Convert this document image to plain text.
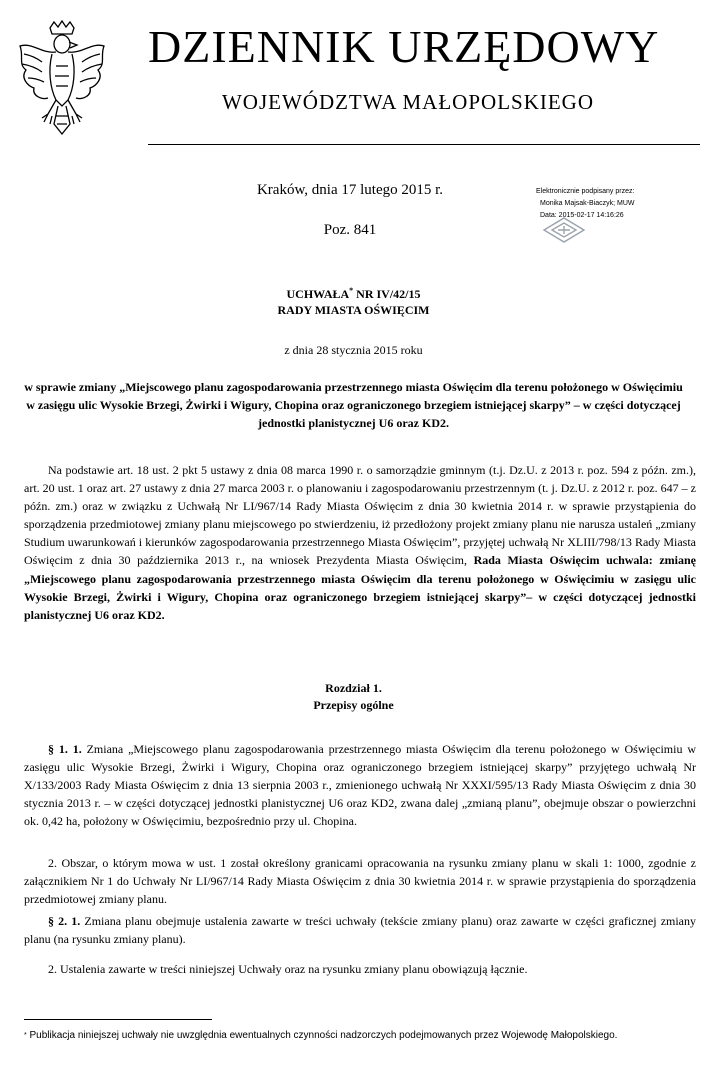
DZIENNIK URZĘDOWY
WOJEWÓDZTWA MAŁOPOLSKIEGO
Kraków, dnia 17 lutego 2015 r.
Poz. 841
Elektronicznie podpisany przez:
Monika Majsak-Biaczyk; MUW
Data: 2015-02-17 14:16:26
UCHWAŁA* NR IV/42/15
RADY MIASTA OŚWIĘCIM
z dnia 28 stycznia 2015 roku
w sprawie zmiany „Miejscowego planu zagospodarowania przestrzennego miasta Oświęcim dla terenu położonego w Oświęcimiu w zasięgu ulic Wysokie Brzegi, Żwirki i Wigury, Chopina oraz ograniczonego brzegiem istniejącej skarpy” – w części dotyczącej jednostki planistycznej U6 oraz KD2.

Na podstawie art. 18 ust. 2 pkt 5 ustawy z dnia 08 marca 1990 r. o samorządzie gminnym (t.j. Dz.U. z 2013 r. poz. 594 z późn. zm.), art. 20 ust. 1 oraz art. 27 ustawy z dnia 27 marca 2003 r. o planowaniu i zagospodarowaniu przestrzennym (t. j. Dz.U. z 2012 r. poz. 647 – z późn. zm.) oraz w związku z Uchwałą Nr LI/967/14 Rady Miasta Oświęcim z dnia 30 kwietnia 2014 r. w sprawie przystąpienia do sporządzenia przedmiotowej zmiany planu miejscowego po stwierdzeniu, iż przedłożony projekt zmiany planu nie narusza ustaleń „zmiany Studium uwarunkowań i kierunków zagospodarowania przestrzennego Miasta Oświęcim”, przyjętej uchwałą Nr XLIII/798/13 Rady Miasta Oświęcim z dnia 30 października 2013 r., na wniosek Prezydenta Miasta Oświęcim, Rada Miasta Oświęcim uchwala: zmianę „Miejscowego planu zagospodarowania przestrzennego miasta Oświęcim dla terenu położonego w Oświęcimiu w zasięgu ulic Wysokie Brzegi, Żwirki i Wigury, Chopina oraz ograniczonego brzegiem istniejącej skarpy”– w części dotyczącej jednostki planistycznej U6 oraz KD2.

Rozdział 1.
Przepisy ogólne

§ 1. 1. Zmiana „Miejscowego planu zagospodarowania przestrzennego miasta Oświęcim dla terenu położonego w Oświęcimiu w zasięgu ulic Wysokie Brzegi, Żwirki i Wigury, Chopina oraz ograniczonego brzegiem istniejącej skarpy” przyjętego uchwałą Nr X/133/2003 Rady Miasta Oświęcim z dnia 13 sierpnia 2003 r., zmienionego uchwałą Nr XXXI/595/13 Rady Miasta Oświęcim z dnia 30 stycznia 2013 r. – w części dotyczącej jednostki planistycznej U6 oraz KD2, zwana dalej „zmianą planu”, obejmuje obszar o powierzchni ok. 0,42 ha, położony w Oświęcimiu, bezpośrednio przy ul. Chopina.

2. Obszar, o którym mowa w ust. 1 został określony granicami opracowania na rysunku zmiany planu w skali 1: 1000, zgodnie z załącznikiem Nr 1 do Uchwały Nr LI/967/14 Rady Miasta Oświęcim z dnia 30 kwietnia 2014 r. w sprawie przystąpienia do sporządzenia przedmiotowej zmiany planu.

§ 2. 1. Zmiana planu obejmuje ustalenia zawarte w treści uchwały (tekście zmiany planu) oraz zawarte w części graficznej zmiany planu (na rysunku zmiany planu).

2. Ustalenia zawarte w treści niniejszej Uchwały oraz na rysunku zmiany planu obowiązują łącznie.

* Publikacja niniejszej uchwały nie uwzględnia ewentualnych czynności nadzorczych podejmowanych przez Wojewodę Małopolskiego.
